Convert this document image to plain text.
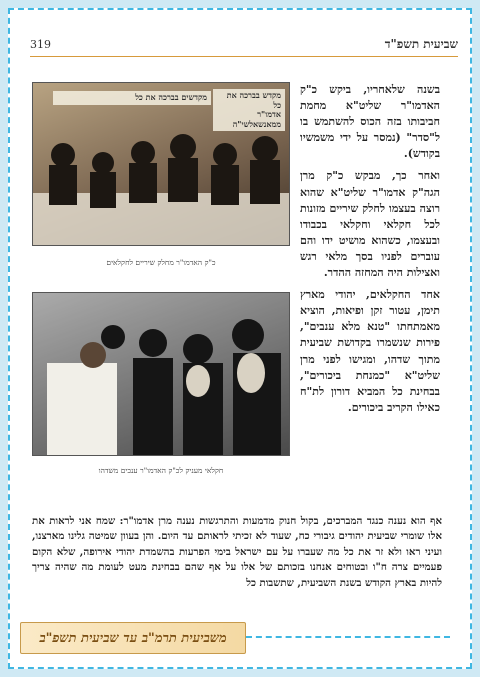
319	שביעית תשפ"ד
מקדשים בברכה את כל	מקדש בברכה את כל
אדמו"ר ממאנשאלשי"ה
כ"ק האדמו"ר מחלק שיריים לחקלאים
חקלאי מעניק לכ"ק האדמו"ר ענבים משדהו

בשנה שלאחריו, ביקש כ"ק האדמו"ר שליט"א מחמת חביבותו בזה הכוס להשתמש בו ל"סדר" (נמסר על ידי משמשיו בקודש).

ואחר כך, מבקש כ"ק מרן הגה"ק אדמו"ר שליט"א שהוא רוצה בעצמו לחלק שיריים מזונות לכל חקלאי וחקלאי בכבודו ובעצמו, כשהוא מושיט ידו והם עוברים לפניו בסך מלאי רגש ואצילות היה המחזה ההדר.

אחד החקלאים, יהודי מארץ תימן, עטור זקן ופיאות, הוציא מאמתחתו "טנא מלא ענבים", פירות שנשמרו בקדושת שביעית מתוך שדהו, ומגישו לפני מרן שליט"א "כמנחת ביכורים", בבחינת כל המביא דורון לת"ח כאילו הקריב ביכורים.

אף הוא נענה כנגד המברכים, בקול חנוק מדמעות והתרגשות נענה מרן אדמו"ר: שמח אני לראות את אלו שומרי שביעית יהודים גיבורי כח, שעוד לא זכיתי לראותם עד היום. והן בעוון שמיטה גלינו מארצנו, ועיני ראו ולא זר את כל מה שעברו על עם ישראל בימי הפרעות בהשמדת יהודי אירופה, שלא הקום פעמיים צרה ח"ו ובטוחים אנחנו בזכותם של אלו על אף שהם בבחינת מעט לעומת מה שהיה צריך להיות בארץ הקודש בשנת השביעית, שתשבות כל
משביעית תרמ"ב עד שביעית תשפ"ב
